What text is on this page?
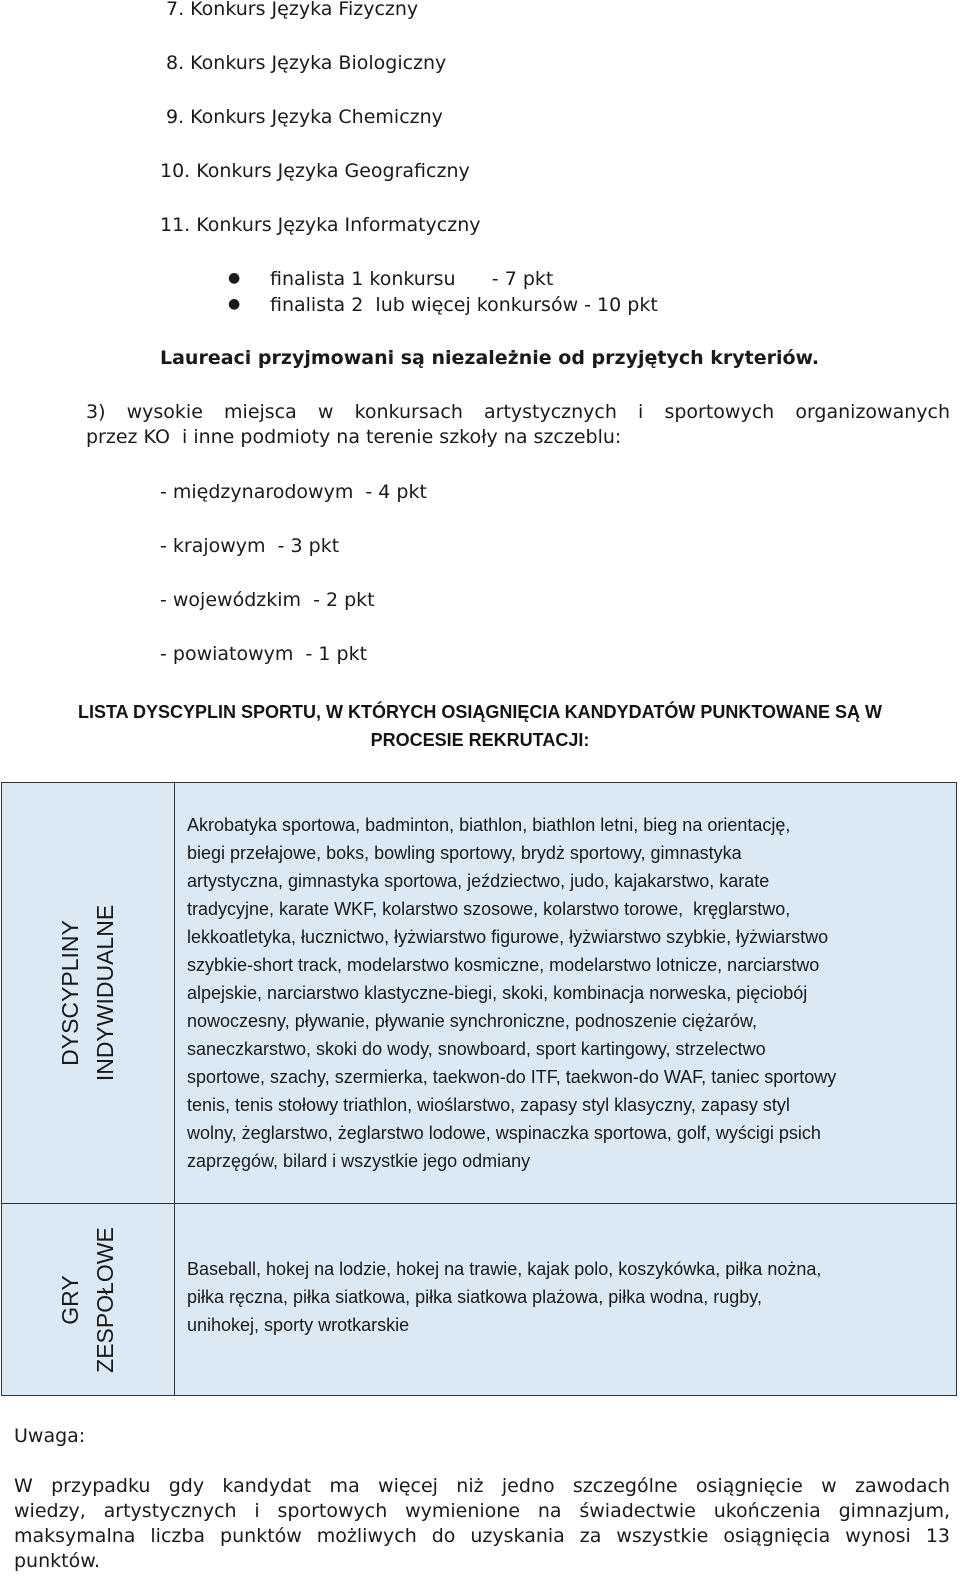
7. Konkurs Języka Fizyczny
8. Konkurs Języka Biologiczny
9. Konkurs Języka Chemiczny
10. Konkurs Języka Geograficzny
11. Konkurs Języka Informatyczny
● finalista 1 konkursu      - 7 pkt
● finalista 2  lub więcej konkursów - 10 pkt
Laureaci przyjmowani są niezależnie od przyjętych kryteriów.
3) wysokie miejsca w konkursach artystycznych i sportowych organizowanych
przez KO  i inne podmioty na terenie szkoły na szczeblu:
- międzynarodowym  - 4 pkt
- krajowym  - 3 pkt
- wojewódzkim  - 2 pkt
- powiatowym  - 1 pkt
LISTA DYSCYPLIN SPORTU, W KTÓRYCH OSIĄGNIĘCIA KANDYDATÓW PUNKTOWANE SĄ W
PROCESIE REKRUTACJI:
DYSCYPLINY INDYWIDUALNE
Akrobatyka sportowa, badminton, biathlon, biathlon letni, bieg na orientację,
biegi przełajowe, boks, bowling sportowy, brydż sportowy, gimnastyka
artystyczna, gimnastyka sportowa, jeździectwo, judo, kajakarstwo, karate
tradycyjne, karate WKF, kolarstwo szosowe, kolarstwo torowe,  kręglarstwo,
lekkoatletyka, łucznictwo, łyżwiarstwo figurowe, łyżwiarstwo szybkie, łyżwiarstwo
szybkie-short track, modelarstwo kosmiczne, modelarstwo lotnicze, narciarstwo
alpejskie, narciarstwo klastyczne-biegi, skoki, kombinacja norweska, pięciobój
nowoczesny, pływanie, pływanie synchroniczne, podnoszenie ciężarów,
saneczkarstwo, skoki do wody, snowboard, sport kartingowy, strzelectwo
sportowe, szachy, szermierka, taekwon-do ITF, taekwon-do WAF, taniec sportowy
tenis, tenis stołowy triathlon, wioślarstwo, zapasy styl klasyczny, zapasy styl
wolny, żeglarstwo, żeglarstwo lodowe, wspinaczka sportowa, golf, wyścigi psich
zaprzęgów, bilard i wszystkie jego odmiany
GRY ZESPOŁOWE	Baseball, hokej na lodzie, hokej na trawie, kajak polo, koszykówka, piłka nożna,
piłka ręczna, piłka siatkowa, piłka siatkowa plażowa, piłka wodna, rugby,
unihokej, sporty wrotkarskie
Uwaga:
W przypadku gdy kandydat ma więcej niż jedno szczególne osiągnięcie w zawodach
wiedzy, artystycznych i sportowych wymienione na świadectwie ukończenia gimnazjum,
maksymalna liczba punktów możliwych do uzyskania za wszystkie osiągnięcia wynosi 13
punktów.
